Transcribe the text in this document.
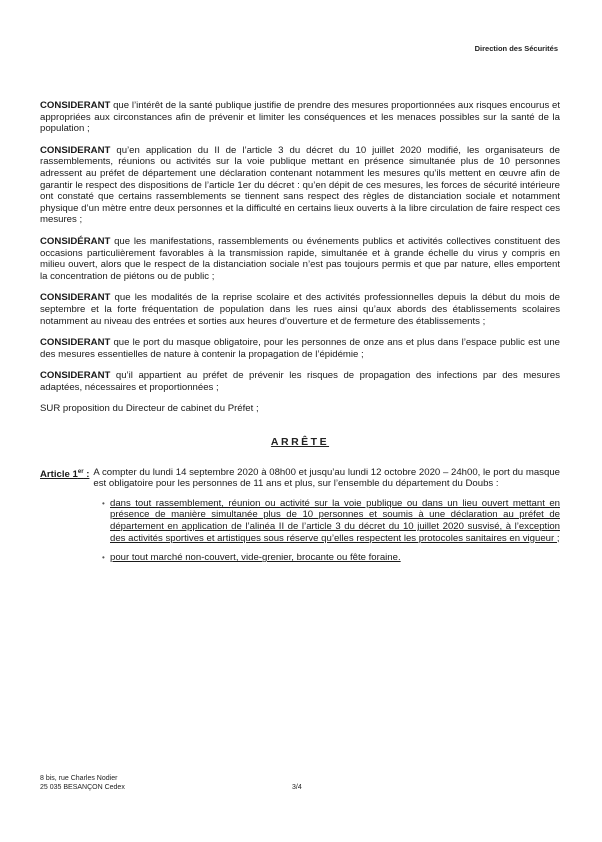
Direction des Sécurités

CONSIDERANT que l’intérêt de la santé publique justifie de prendre des mesures proportionnées aux risques encourus et appropriées aux circonstances afin de prévenir et limiter les conséquences et les menaces possibles sur la santé de la population ;

CONSIDERANT qu’en application du II de l’article 3 du décret du 10 juillet 2020 modifié, les organisateurs de rassemblements, réunions ou activités sur la voie publique mettant en présence simultanée plus de 10 personnes adressent au préfet de département une déclaration contenant notamment les mesures qu’ils mettent en œuvre afin de garantir le respect des dispositions de l’article 1er du décret : qu’en dépit de ces mesures, les forces de sécurité intérieure ont constaté que certains rassemblements se tiennent sans respect des règles de distanciation sociale et notamment physique d’un mètre entre deux personnes et la difficulté en certains lieux ouverts à la libre circulation de faire respect ces mesures ;

CONSIDÉRANT que les manifestations, rassemblements ou événements publics et activités collectives constituent des occasions particulièrement favorables à la transmission rapide, simultanée et à grande échelle du virus y compris en milieu ouvert, alors que le respect de la distanciation sociale n’est pas toujours permis et que par nature, elles emportent la concentration de piétons ou de public ;

CONSIDERANT que les modalités de la reprise scolaire et des activités professionnelles depuis la début du mois de septembre et la forte fréquentation de population dans les rues ainsi qu’aux abords des établissements scolaires notamment au niveau des entrées et sorties aux heures d’ouverture et de fermeture des établissements ;

CONSIDERANT que le port du masque obligatoire, pour les personnes de onze ans et plus dans l’espace public est une des mesures essentielles de nature à contenir la propagation de l’épidémie ;

CONSIDERANT qu’il appartient au préfet de prévenir les risques de propagation des infections par des mesures adaptées, nécessaires et proportionnées ;

SUR proposition du Directeur de cabinet du Préfet ;

ARRÊTE
Article 1er : A compter du lundi 14 septembre 2020 à 08h00 et jusqu’au lundi 12 octobre 2020 – 24h00, le port du masque est obligatoire pour les personnes de 11 ans et plus, sur l’ensemble du département du Doubs :
• dans tout rassemblement, réunion ou activité sur la voie publique ou dans un lieu ouvert mettant en présence de manière simultanée plus de 10 personnes et soumis à une déclaration au préfet de département en application de l’alinéa II de l’article 3 du décret du 10 juillet 2020 susvisé, à l’exception des activités sportives et artistiques sous réserve qu’elles respectent les protocoles sanitaires en vigueur ;
• pour tout marché non-couvert, vide-grenier, brocante ou fête foraine.
8 bis, rue Charles Nodier
25 035 BESANÇON Cedex	3/4
